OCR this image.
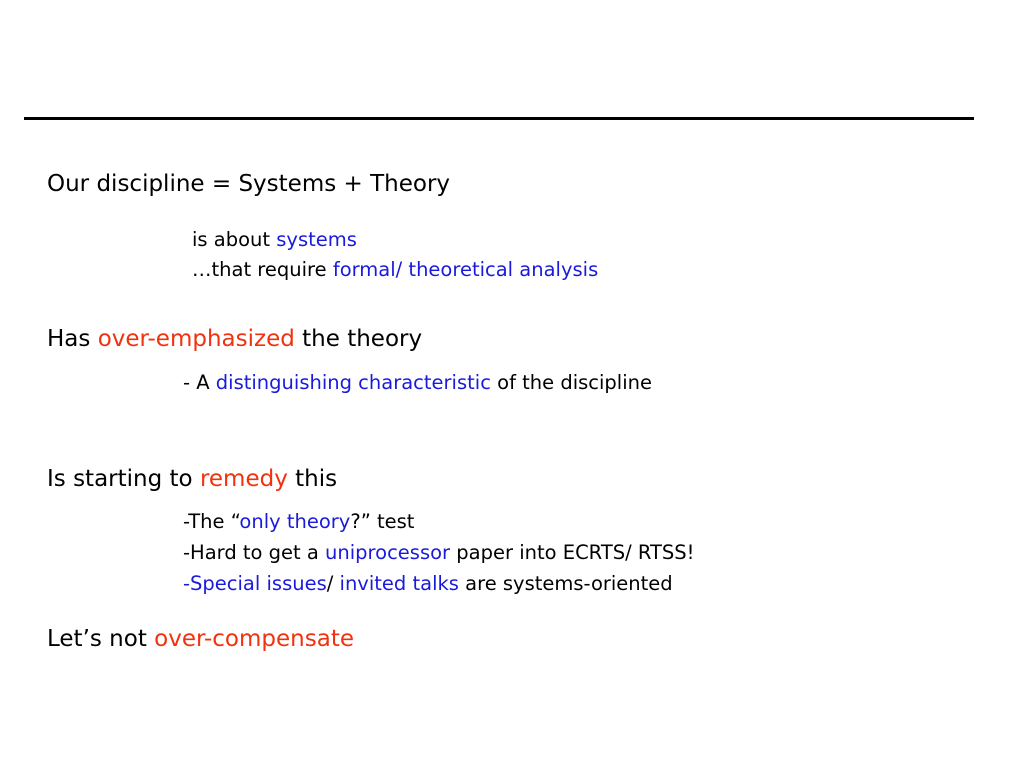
Our discipline = Systems + Theory
is about systems
…that require formal/ theoretical analysis
Has over-emphasized the theory
- A distinguishing characteristic of the discipline
Is starting to remedy this
-The “only theory?” test
-Hard to get a uniprocessor paper into ECRTS/ RTSS!
-Special issues/ invited talks are systems-oriented
Let’s not over-compensate
